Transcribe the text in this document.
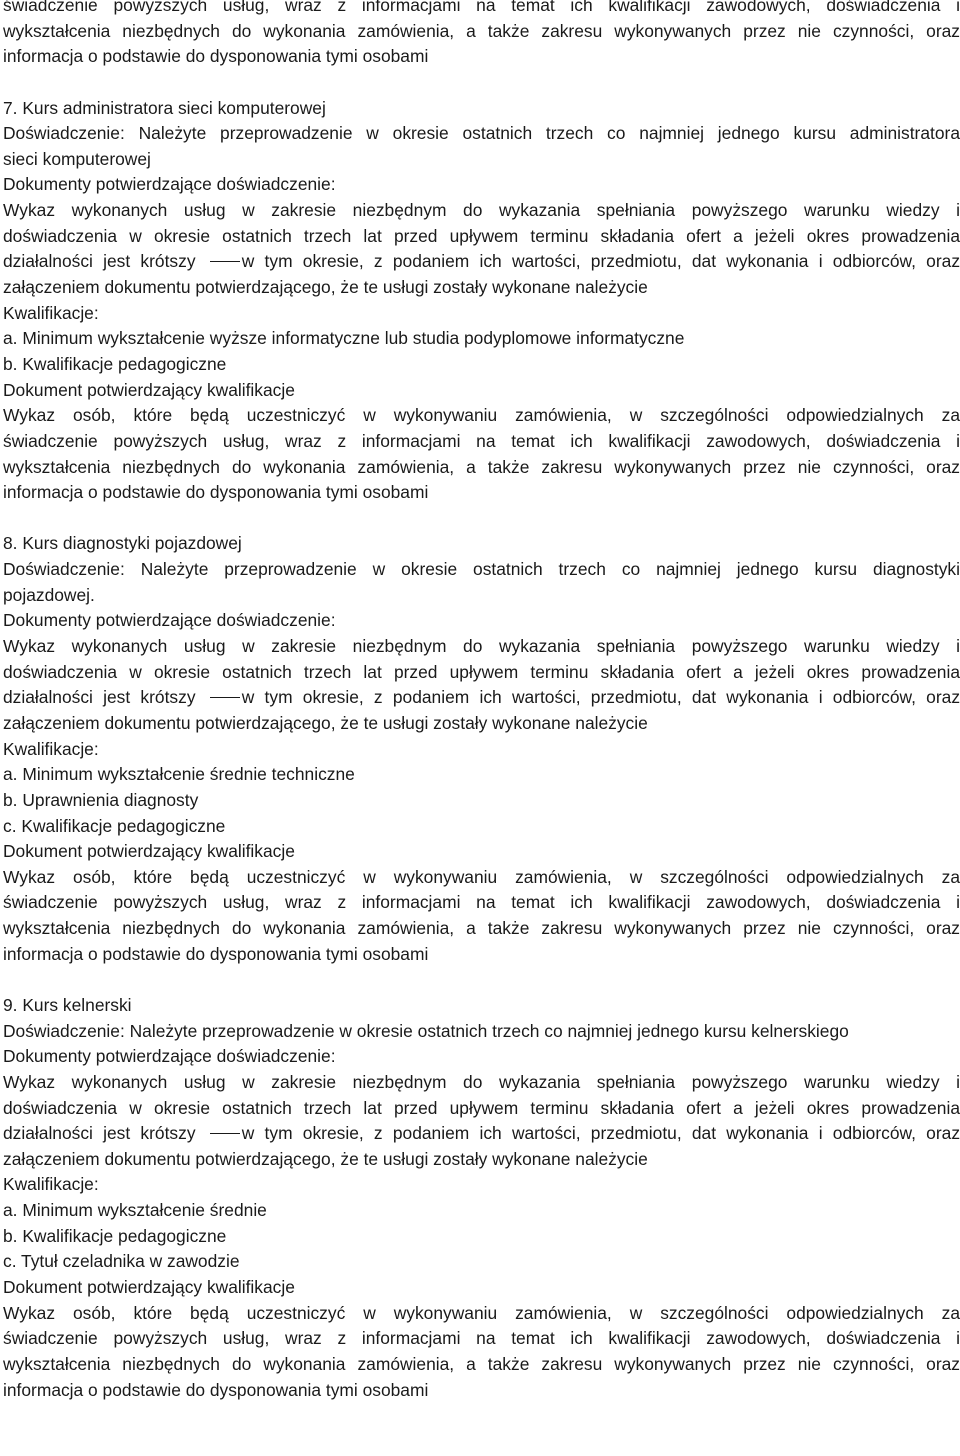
świadczenie powyższych usług, wraz z informacjami na temat ich kwalifikacji zawodowych, doświadczenia i
wykształcenia niezbędnych do wykonania zamówienia, a także zakresu wykonywanych przez nie czynności, oraz
informacja o podstawie do dysponowania tymi osobami
7. Kurs administratora sieci komputerowej
Doświadczenie: Należyte przeprowadzenie w okresie ostatnich trzech co najmniej jednego kursu administratora
sieci komputerowej
Dokumenty potwierdzające doświadczenie:
Wykaz wykonanych usług w zakresie niezbędnym do wykazania spełniania powyższego warunku wiedzy i
doświadczenia w okresie ostatnich trzech lat przed upływem terminu składania ofert a jeżeli okres prowadzenia
działalności jest krótszy	w tym okresie, z podaniem ich wartości, przedmiotu, dat wykonania i odbiorców, oraz
załączeniem dokumentu potwierdzającego, że te usługi zostały wykonane należycie
Kwalifikacje:
a. Minimum wykształcenie wyższe informatyczne lub studia podyplomowe informatyczne
b. Kwalifikacje pedagogiczne
Dokument potwierdzający kwalifikacje
Wykaz osób, które będą uczestniczyć w wykonywaniu zamówienia, w szczególności odpowiedzialnych za
świadczenie powyższych usług, wraz z informacjami na temat ich kwalifikacji zawodowych, doświadczenia i
wykształcenia niezbędnych do wykonania zamówienia, a także zakresu wykonywanych przez nie czynności, oraz
informacja o podstawie do dysponowania tymi osobami
8. Kurs diagnostyki pojazdowej
Doświadczenie: Należyte przeprowadzenie w okresie ostatnich trzech co najmniej jednego kursu diagnostyki
pojazdowej.
Dokumenty potwierdzające doświadczenie:
Wykaz wykonanych usług w zakresie niezbędnym do wykazania spełniania powyższego warunku wiedzy i
doświadczenia w okresie ostatnich trzech lat przed upływem terminu składania ofert a jeżeli okres prowadzenia
działalności jest krótszy	w tym okresie, z podaniem ich wartości, przedmiotu, dat wykonania i odbiorców, oraz
załączeniem dokumentu potwierdzającego, że te usługi zostały wykonane należycie
Kwalifikacje:
a. Minimum wykształcenie średnie techniczne
b. Uprawnienia diagnosty
c. Kwalifikacje pedagogiczne
Dokument potwierdzający kwalifikacje
Wykaz osób, które będą uczestniczyć w wykonywaniu zamówienia, w szczególności odpowiedzialnych za
świadczenie powyższych usług, wraz z informacjami na temat ich kwalifikacji zawodowych, doświadczenia i
wykształcenia niezbędnych do wykonania zamówienia, a także zakresu wykonywanych przez nie czynności, oraz
informacja o podstawie do dysponowania tymi osobami
9. Kurs kelnerski
Doświadczenie: Należyte przeprowadzenie w okresie ostatnich trzech co najmniej jednego kursu kelnerskiego
Dokumenty potwierdzające doświadczenie:
Wykaz wykonanych usług w zakresie niezbędnym do wykazania spełniania powyższego warunku wiedzy i
doświadczenia w okresie ostatnich trzech lat przed upływem terminu składania ofert a jeżeli okres prowadzenia
działalności jest krótszy	w tym okresie, z podaniem ich wartości, przedmiotu, dat wykonania i odbiorców, oraz
załączeniem dokumentu potwierdzającego, że te usługi zostały wykonane należycie
Kwalifikacje:
a. Minimum wykształcenie średnie
b. Kwalifikacje pedagogiczne
c. Tytuł czeladnika w zawodzie
Dokument potwierdzający kwalifikacje
Wykaz osób, które będą uczestniczyć w wykonywaniu zamówienia, w szczególności odpowiedzialnych za
świadczenie powyższych usług, wraz z informacjami na temat ich kwalifikacji zawodowych, doświadczenia i
wykształcenia niezbędnych do wykonania zamówienia, a także zakresu wykonywanych przez nie czynności, oraz
informacja o podstawie do dysponowania tymi osobami
